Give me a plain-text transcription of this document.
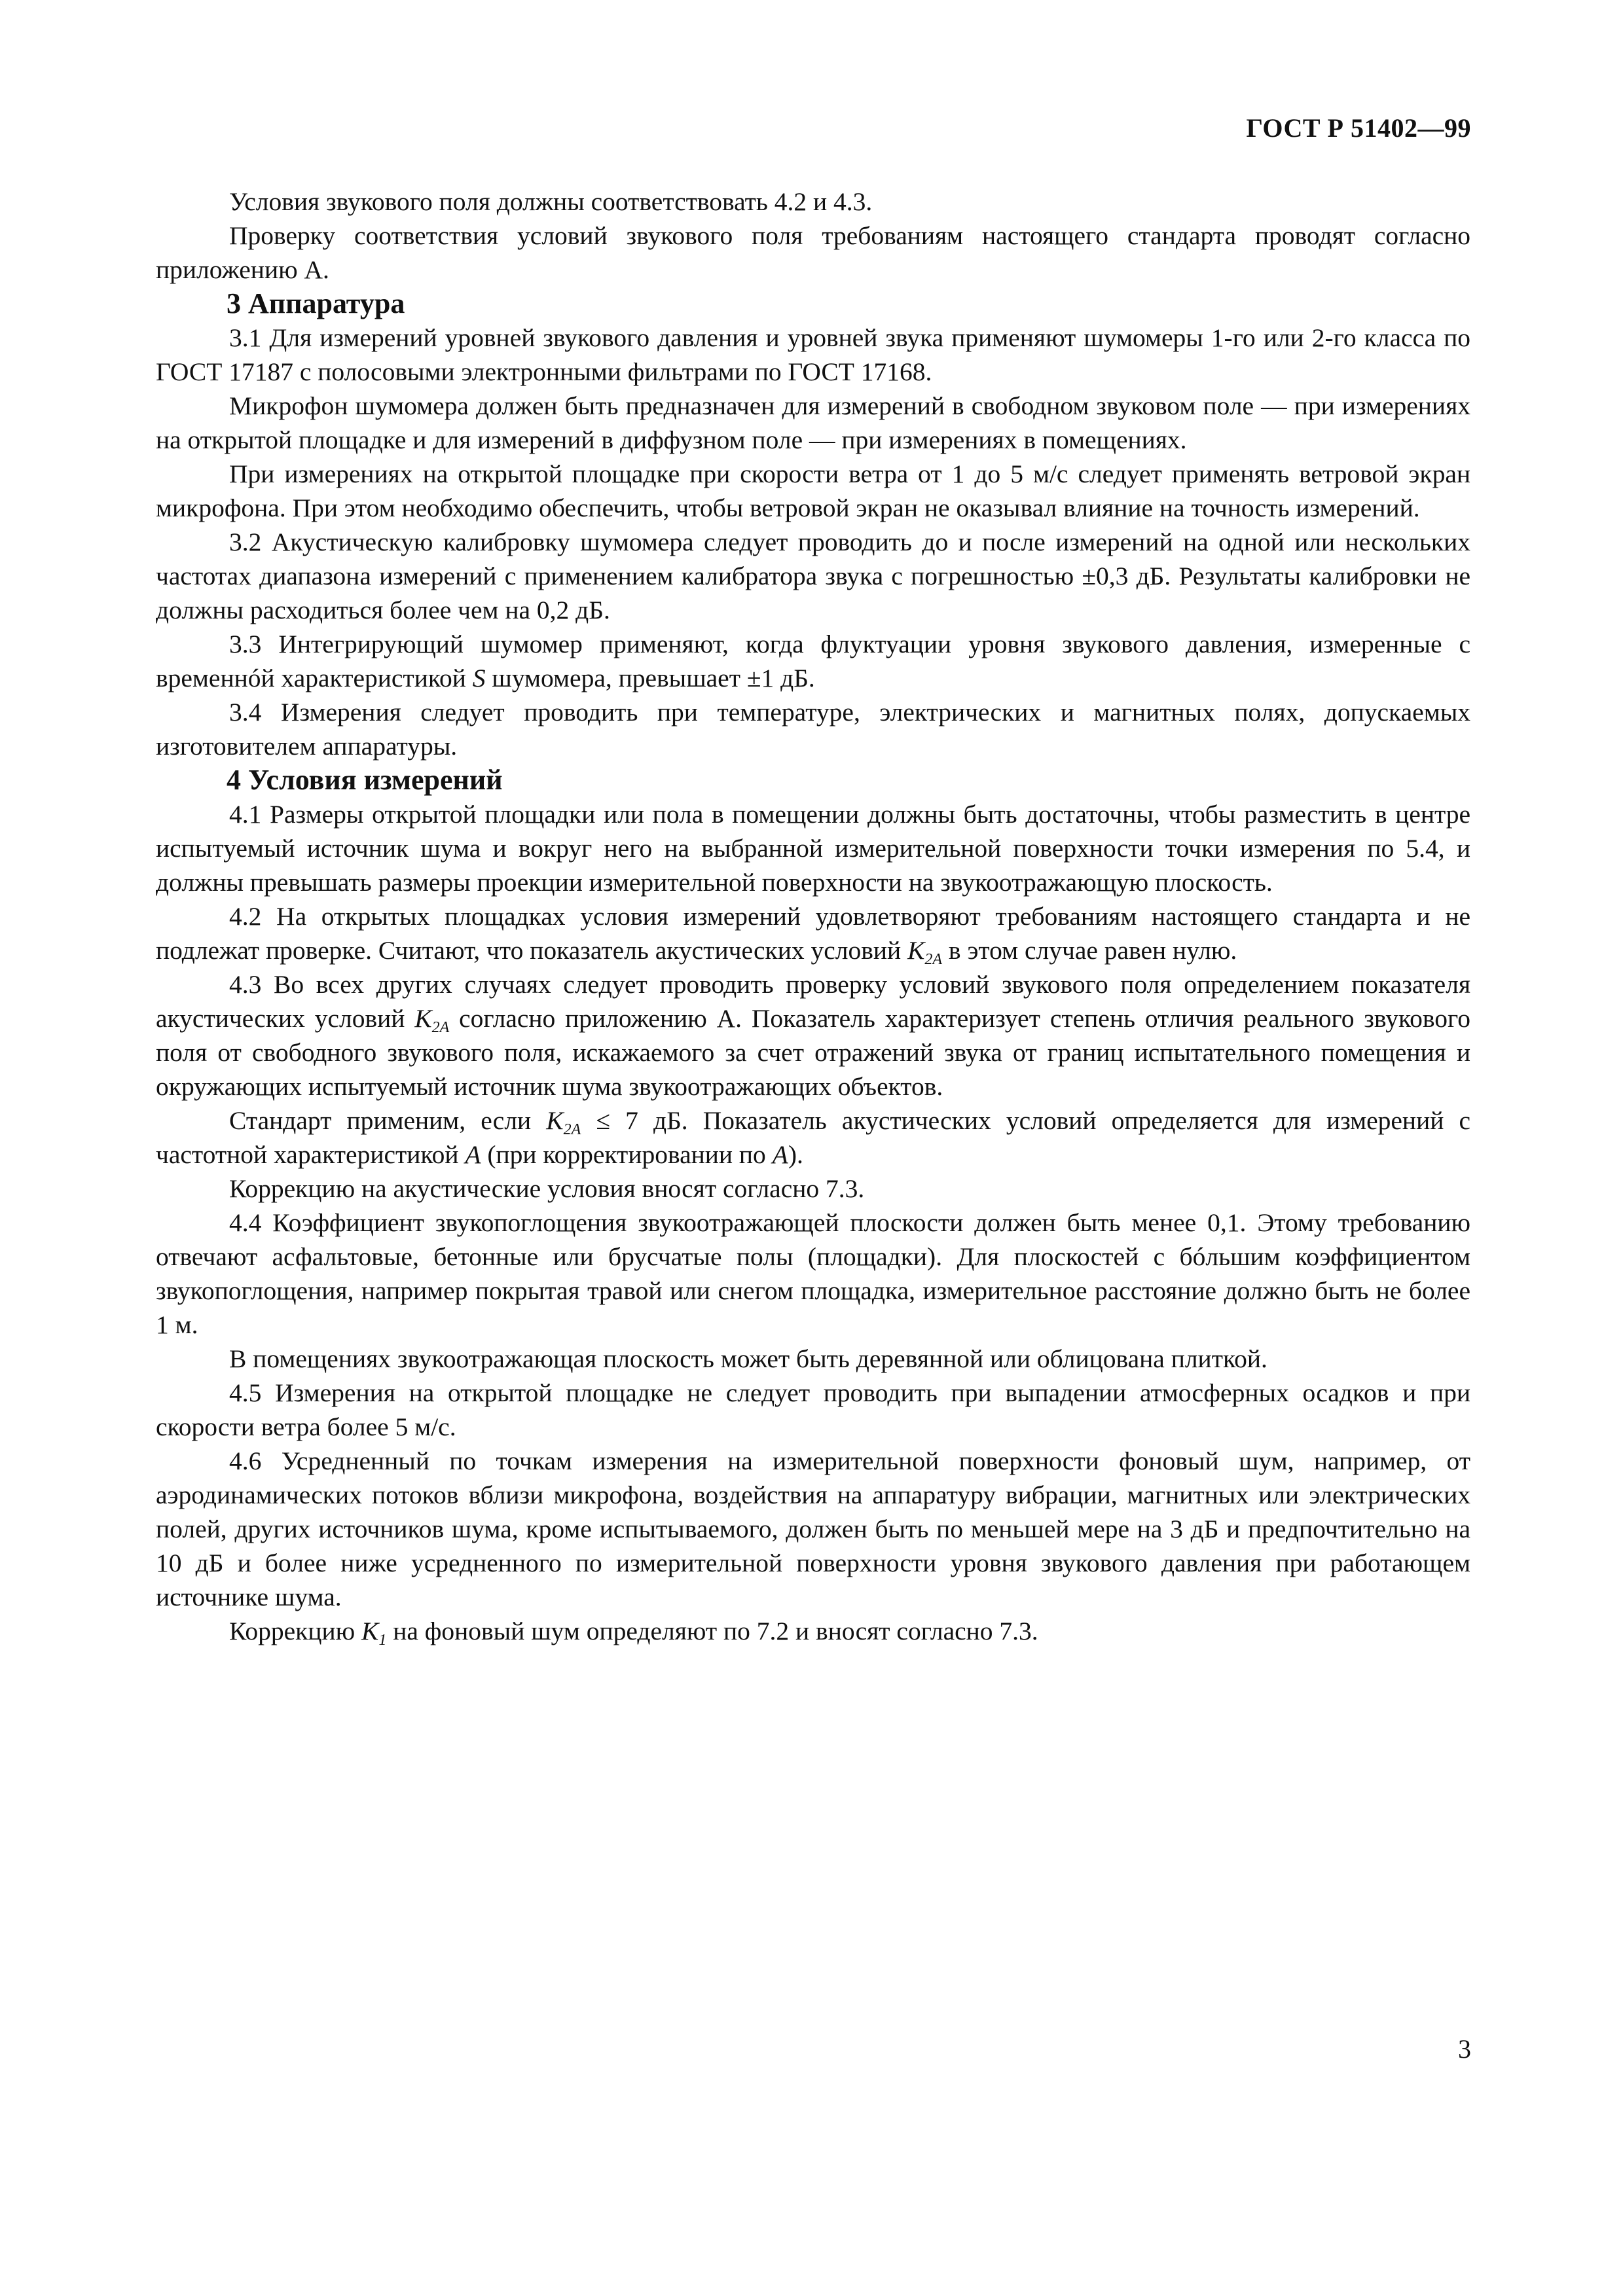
ГОСТ Р 51402—99

Условия звукового поля должны соответствовать 4.2 и 4.3.

Проверку соответствия условий звукового поля требованиям настоящего стандарта проводят согласно приложению А.

3 Аппаратура

3.1 Для измерений уровней звукового давления и уровней звука применяют шумомеры 1-го или 2-го класса по ГОСТ 17187 с полосовыми электронными фильтрами по ГОСТ 17168.

Микрофон шумомера должен быть предназначен для измерений в свободном звуковом поле — при измерениях на открытой площадке и для измерений в диффузном поле — при измерениях в помещениях.

При измерениях на открытой площадке при скорости ветра от 1 до 5 м/с следует применять ветровой экран микрофона. При этом необходимо обеспечить, чтобы ветровой экран не оказывал влияние на точность измерений.

3.2 Акустическую калибровку шумомера следует проводить до и после измерений на одной или нескольких частотах диапазона измерений с применением калибратора звука с погрешностью ±0,3 дБ. Результаты калибровки не должны расходиться более чем на 0,2 дБ.

3.3 Интегрирующий шумомер применяют, когда флуктуации уровня звукового давления, измеренные с временнóй характеристикой S шумомера, превышает ±1 дБ.

3.4 Измерения следует проводить при температуре, электрических и магнитных полях, допускаемых изготовителем аппаратуры.

4 Условия измерений

4.1 Размеры открытой площадки или пола в помещении должны быть достаточны, чтобы разместить в центре испытуемый источник шума и вокруг него на выбранной измерительной поверхности точки измерения по 5.4, и должны превышать размеры проекции измерительной поверхности на звукоотражающую плоскость.

4.2 На открытых площадках условия измерений удовлетворяют требованиям настоящего стандарта и не подлежат проверке. Считают, что показатель акустических условий $K_{2A}$ в этом случае равен нулю.

4.3 Во всех других случаях следует проводить проверку условий звукового поля определением показателя акустических условий $K_{2A}$ согласно приложению А. Показатель характеризует степень отличия реального звукового поля от свободного звукового поля, искажаемого за счет отражений звука от границ испытательного помещения и окружающих испытуемый источник шума звукоотражающих объектов.

Стандарт применим, если $K_{2A} \le 7$ дБ. Показатель акустических условий определяется для измерений с частотной характеристикой A (при корректировании по A).

Коррекцию на акустические условия вносят согласно 7.3.

4.4 Коэффициент звукопоглощения звукоотражающей плоскости должен быть менее 0,1. Этому требованию отвечают асфальтовые, бетонные или брусчатые полы (площадки). Для плоскостей с бóльшим коэффициентом звукопоглощения, например покрытая травой или снегом площадка, измерительное расстояние должно быть не более 1 м.

В помещениях звукоотражающая плоскость может быть деревянной или облицована плиткой.

4.5 Измерения на открытой площадке не следует проводить при выпадении атмосферных осадков и при скорости ветра более 5 м/с.

4.6 Усредненный по точкам измерения на измерительной поверхности фоновый шум, например, от аэродинамических потоков вблизи микрофона, воздействия на аппаратуру вибрации, магнитных или электрических полей, других источников шума, кроме испытываемого, должен быть по меньшей мере на 3 дБ и предпочтительно на 10 дБ и более ниже усредненного по измерительной поверхности уровня звукового давления при работающем источнике шума.

Коррекцию $K_1$ на фоновый шум определяют по 7.2 и вносят согласно 7.3.

3
